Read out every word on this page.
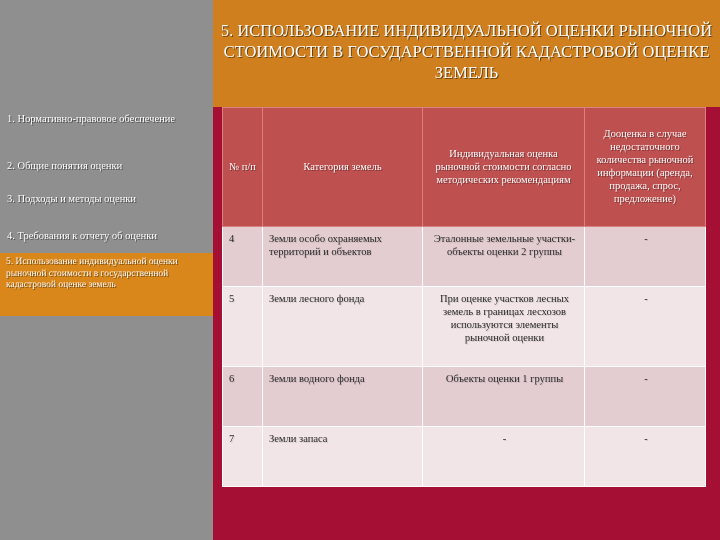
1. Нормативно-правовое обеспечение
2. Общие понятия оценки
3. Подходы и методы оценки
4. Требования к отчету об оценки
5. Использование индивидуальной оценки рыночной стоимости в государственной кадастровой оценке земель
5. ИСПОЛЬЗОВАНИЕ ИНДИВИДУАЛЬНОЙ ОЦЕНКИ РЫНОЧНОЙ СТОИМОСТИ В ГОСУДАРСТВЕННОЙ КАДАСТРОВОЙ ОЦЕНКЕ ЗЕМЕЛЬ
№ п/п	Категория земель	Индивидуальная оценка рыночной стоимости согласно методических рекомендациям	Дооценка в случае недостаточного количества рыночной информации (аренда, продажа, спрос, предложение)
4	Земли особо охраняемых территорий и объектов	Эталонные земельные участки-объекты оценки 2 группы	-
5	Земли лесного фонда	При оценке участков лесных земель в границах лесхозов используются элементы рыночной оценки	-
6	Земли водного фонда	Объекты оценки 1 группы	-
7	Земли запаса	-	-
